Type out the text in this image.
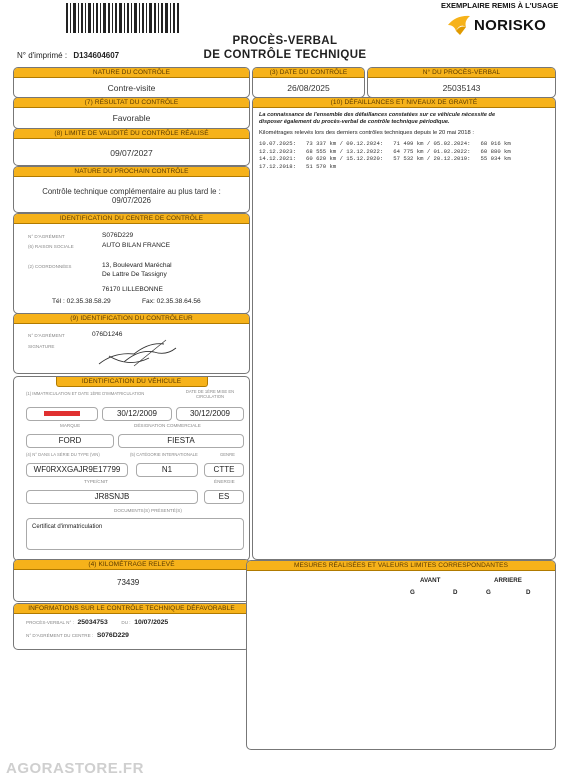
EXEMPLAIRE REMIS À L'USAGE
NORISKO
PROCÈS-VERBAL
DE CONTRÔLE TECHNIQUE
N° d'imprimé : D134604607
NATURE DU CONTRÔLE
Contre-visite
(3) DATE DU CONTRÔLE
26/08/2025
N° DU PROCÈS-VERBAL
25035143
(7) RÉSULTAT DU CONTRÔLE
Favorable
(8) LIMITE DE VALIDITÉ DU CONTRÔLE RÉALISÉ
09/07/2027
NATURE DU PROCHAIN CONTRÔLE
Contrôle technique complémentaire au plus tard le :
09/07/2026
IDENTIFICATION DU CENTRE DE CONTRÔLE
N° D'AGRÉMENT	S076D229
(6) RAISON SOCIALE	AUTO BILAN FRANCE
(2) COORDONNÉES	13, Boulevard Maréchal
De Lattre De Tassigny
76170 LILLEBONNE
Tél : 02.35.38.58.29	Fax: 02.35.38.64.56
(9) IDENTIFICATION DU CONTRÔLEUR
N° D'AGRÉMENT	076D1246
SIGNATURE
IDENTIFICATION DU VÉHICULE
(1) IMMATRICULATION ET DATE 1ÈRE D'IMMATRICULATION	DATE DE 1ÈRE MISE EN CIRCULATION
30/12/2009	30/12/2009
MARQUE	DÉSIGNATION COMMERCIALE
FORD	FIESTA
(4) N° DANS LA SÉRIE DU TYPE (VIN)	(5) CATÉGORIE INTERNATIONALE	GENRE
WF0RXXGAJR9E17799	N1	CTTE
TYPE/CNIT	ÉNERGIE
JR8SNJB	ES
DOCUMENTS(S) PRÉSENTÉ(S)
Certificat d'immatriculation
(4) KILOMÉTRAGE RELEVÉ
73439
INFORMATIONS SUR LE CONTRÔLE TECHNIQUE DÉFAVORABLE
PROCÈS-VERBAL N° : 25034753	DU : 10/07/2025
N° D'AGRÉMENT DU CENTRE : S076D229
(10) DÉFAILLANCES ET NIVEAUX DE GRAVITÉ
La connaissance de l'ensemble des défaillances constatées sur ce véhicule nécessite de
disposer également du procès-verbal de contrôle technique périodique.
Kilométrages relevés lors des derniers contrôles techniques depuis le 20 mai 2018 :
10.07.2025:   73 337 km / 09.12.2024:   71 499 km / 05.02.2024:   68 916 km
12.12.2023:   68 555 km / 13.12.2022:   64 775 km / 01.02.2022:   60 880 km
14.12.2021:   60 620 km / 15.12.2020:   57 532 km / 20.12.2019:   55 034 km
17.12.2018:   51 570 km
MESURES RÉALISÉES ET VALEURS LIMITES CORRESPONDANTES
AVANT	ARRIERE
G	D	G	D
AGORASTORE.FR
